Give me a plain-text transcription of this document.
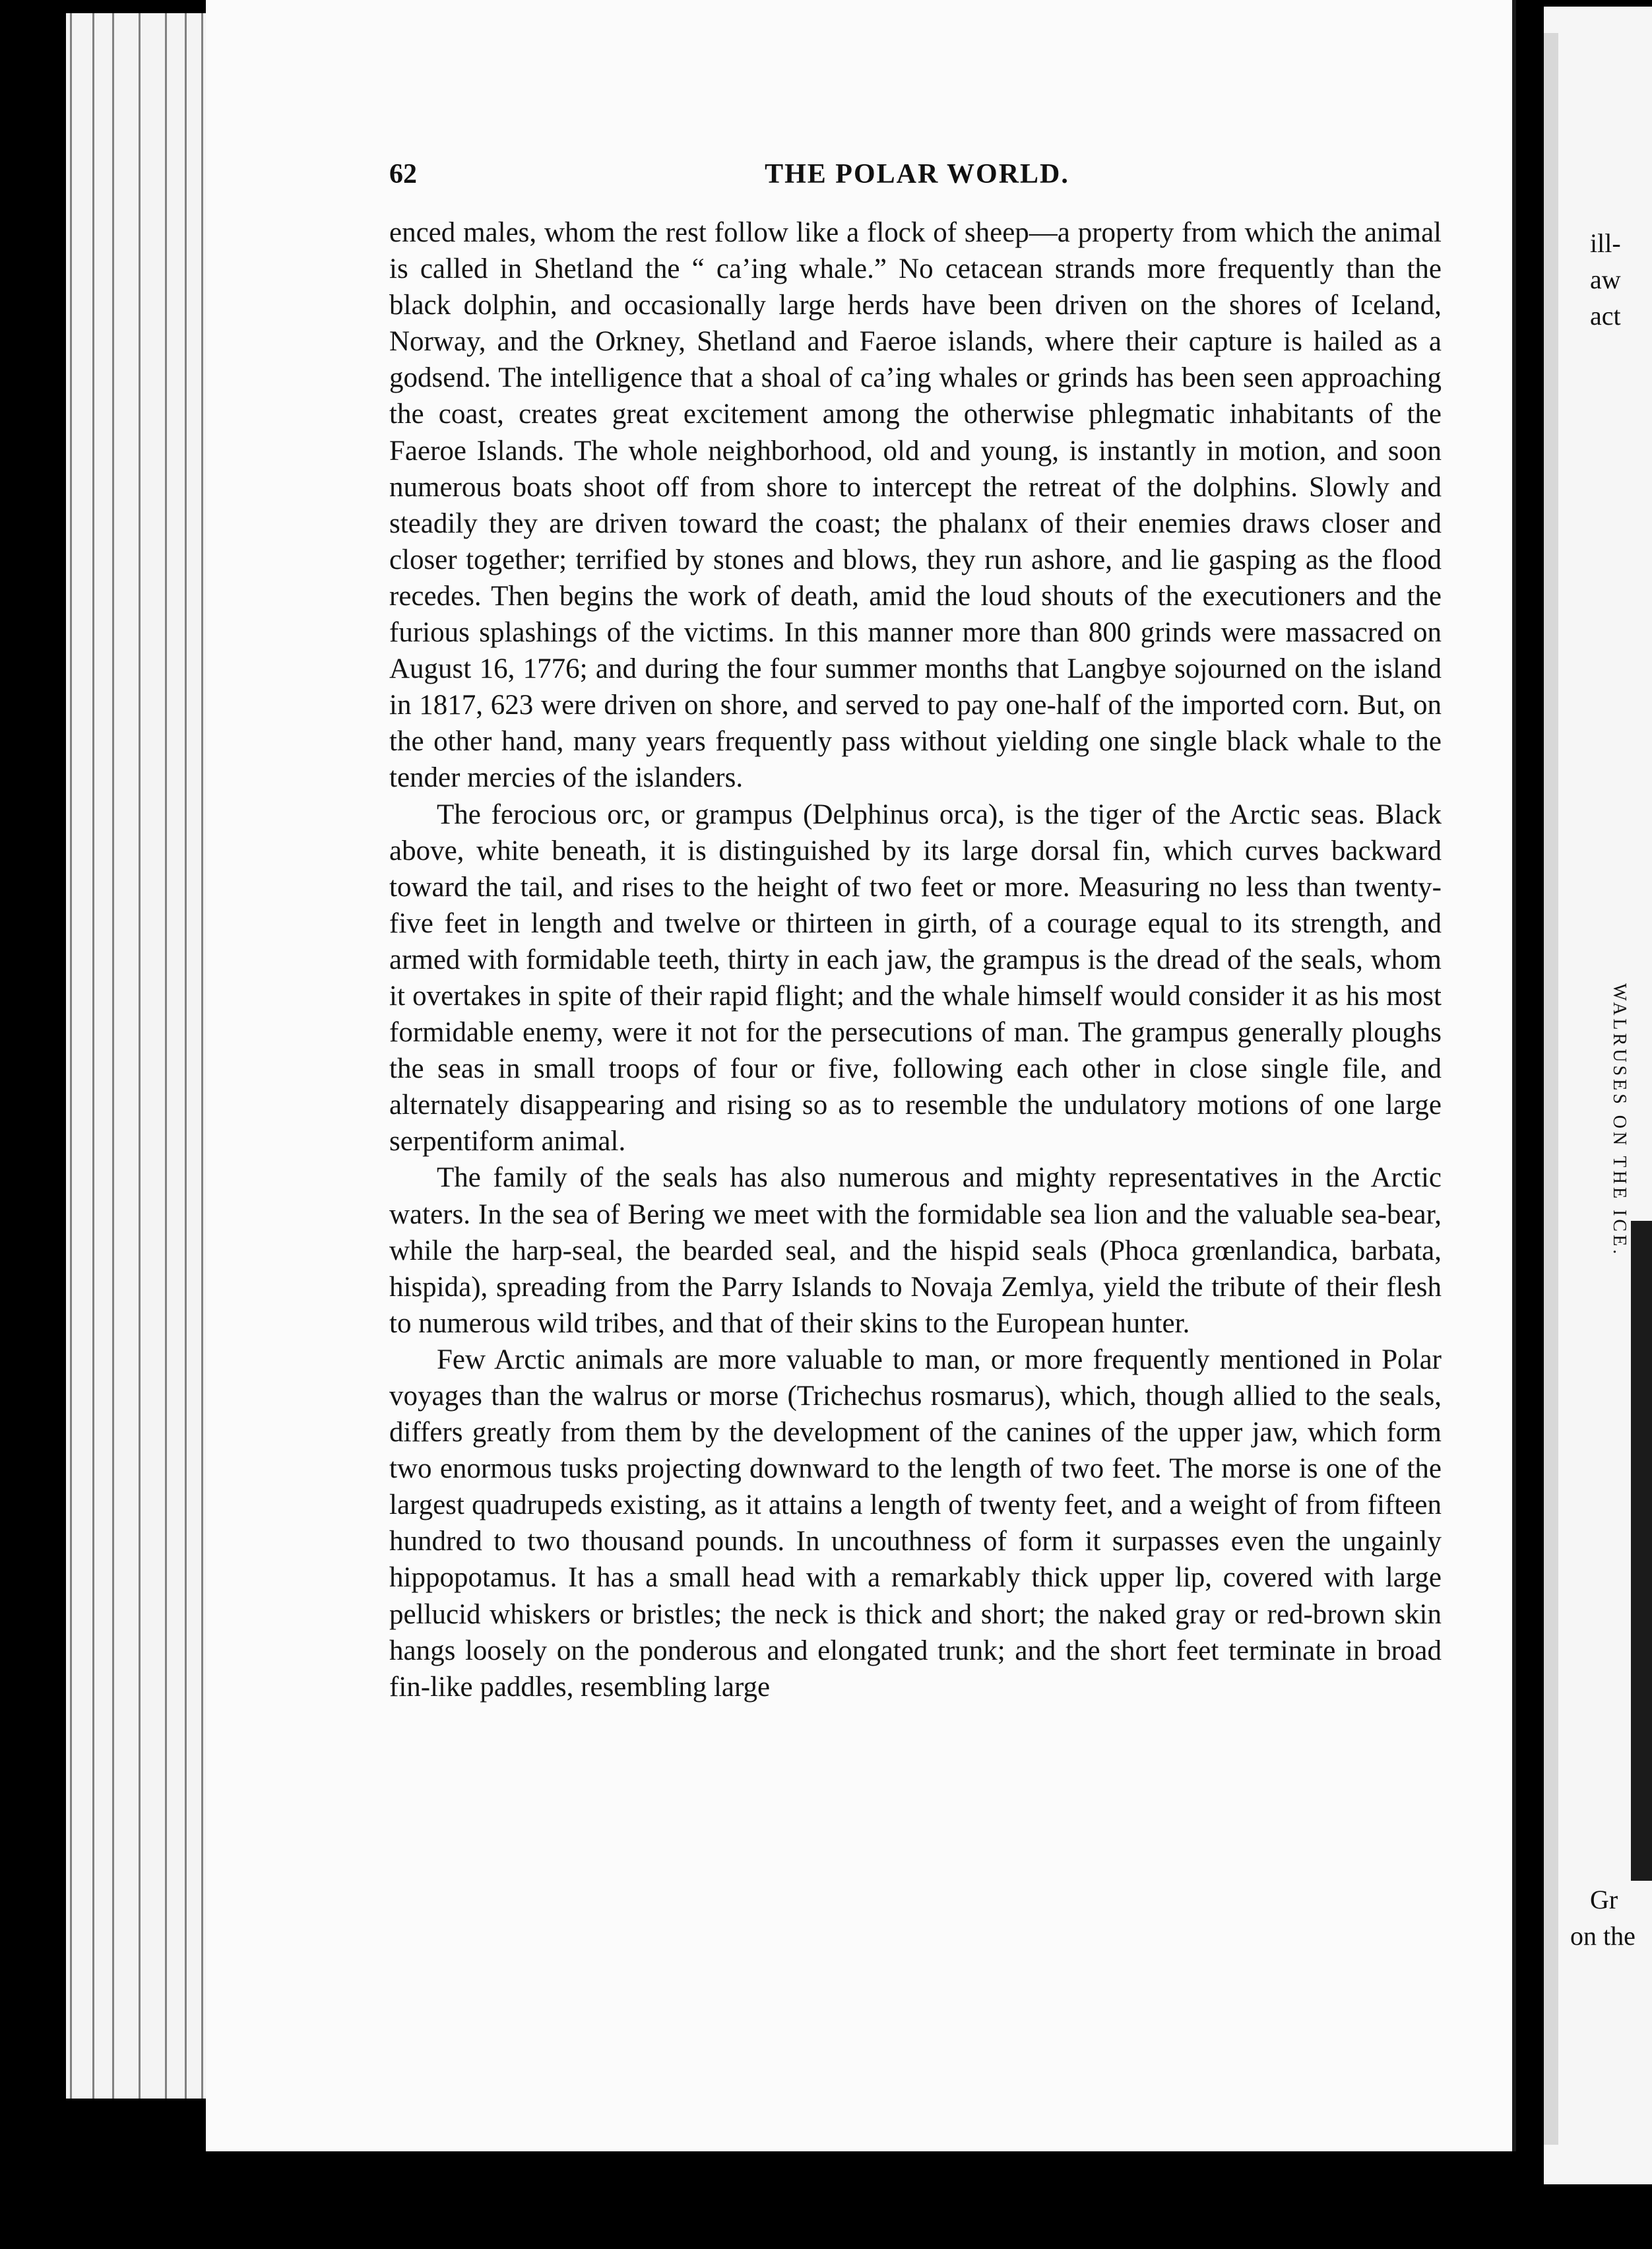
ill-
aw
act
WALRUSES ON THE ICE.
Gr
on the
62	THE POLAR WORLD.

enced males, whom the rest follow like a flock of sheep—a property from which the animal is called in Shetland the “ ca’ing whale.” No cetacean strands more frequently than the black dolphin, and occasionally large herds have been driven on the shores of Iceland, Norway, and the Orkney, Shetland and Faeroe islands, where their capture is hailed as a godsend. The intelligence that a shoal of ca’ing whales or grinds has been seen approaching the coast, creates great excitement among the otherwise phlegmatic inhabitants of the Faeroe Islands. The whole neighborhood, old and young, is instantly in motion, and soon numerous boats shoot off from shore to intercept the retreat of the dolphins. Slowly and steadily they are driven toward the coast; the phalanx of their enemies draws closer and closer together; terrified by stones and blows, they run ashore, and lie gasping as the flood recedes. Then begins the work of death, amid the loud shouts of the executioners and the furious splashings of the victims. In this manner more than 800 grinds were massacred on August 16, 1776; and during the four summer months that Langbye sojourned on the island in 1817, 623 were driven on shore, and served to pay one-half of the imported corn. But, on the other hand, many years frequently pass without yielding one single black whale to the tender mercies of the islanders.

The ferocious orc, or grampus (Delphinus orca), is the tiger of the Arctic seas. Black above, white beneath, it is distinguished by its large dorsal fin, which curves backward toward the tail, and rises to the height of two feet or more. Measuring no less than twenty-five feet in length and twelve or thirteen in girth, of a courage equal to its strength, and armed with formidable teeth, thirty in each jaw, the grampus is the dread of the seals, whom it overtakes in spite of their rapid flight; and the whale himself would consider it as his most formidable enemy, were it not for the persecutions of man. The grampus generally ploughs the seas in small troops of four or five, following each other in close single file, and alternately disappearing and rising so as to resemble the undulatory motions of one large serpentiform animal.

The family of the seals has also numerous and mighty representatives in the Arctic waters. In the sea of Bering we meet with the formidable sea lion and the valuable sea-bear, while the harp-seal, the bearded seal, and the hispid seals (Phoca grœnlandica, barbata, hispida), spreading from the Parry Islands to Novaja Zemlya, yield the tribute of their flesh to numerous wild tribes, and that of their skins to the European hunter.

Few Arctic animals are more valuable to man, or more frequently mentioned in Polar voyages than the walrus or morse (Trichechus rosmarus), which, though allied to the seals, differs greatly from them by the development of the canines of the upper jaw, which form two enormous tusks projecting downward to the length of two feet. The morse is one of the largest quadrupeds existing, as it attains a length of twenty feet, and a weight of from fifteen hundred to two thousand pounds. In uncouthness of form it surpasses even the ungainly hippopotamus. It has a small head with a remarkably thick upper lip, covered with large pellucid whiskers or bristles; the neck is thick and short; the naked gray or red-brown skin hangs loosely on the ponderous and elongated trunk; and the short feet terminate in broad fin-like paddles, resembling large
